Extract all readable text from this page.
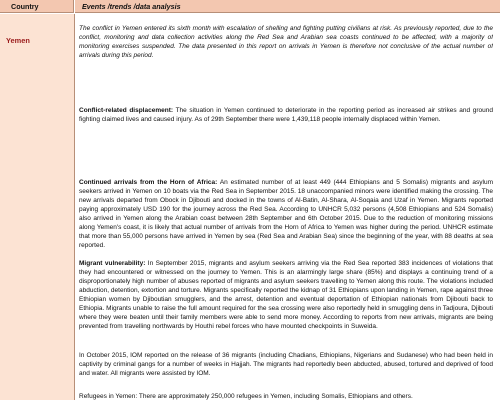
Country	Events /trends /data analysis
Yemen

The conflict in Yemen entered its sixth month with escalation of shelling and fighting putting civilians at risk. As previously reported, due to the conflict, monitoring and data collection activities along the Red Sea and Arabian sea coasts continued to be affected, with a majority of monitoring exercises suspended. The data presented in this report on arrivals in Yemen is therefore not conclusive of the actual number of arrivals during this period.

Conflict-related displacement: The situation in Yemen continued to deteriorate in the reporting period as increased air strikes and ground fighting claimed lives and caused injury. As of 29th September there were 1,439,118 people internally displaced within Yemen.

Continued arrivals from the Horn of Africa: An estimated number of at least 449 (444 Ethiopians and 5 Somalis) migrants and asylum seekers arrived in Yemen on 10 boats via the Red Sea in September 2015. 18 unaccompanied minors were identified making the crossing. The new arrivals departed from Obock in Djibouti and docked in the towns of Al-Batin, Al-Shara, Al-Soqaia and Uzaf in Yemen. Migrants reported paying approximately USD 190 for the journey across the Red Sea. According to UNHCR 5,032 persons (4,508 Ethiopians and 524 Somalis) also arrived in Yemen along the Arabian coast between 28th September and 6th October 2015. Due to the reduction of monitoring missions along Yemen's coast, it is likely that actual number of arrivals from the Horn of Africa to Yemen was higher during the period. UNHCR estimate that more than 55,000 persons have arrived in Yemen by sea (Red Sea and Arabian Sea) since the beginning of the year, with 88 deaths at sea reported.

Migrant vulnerability: In September 2015, migrants and asylum seekers arriving via the Red Sea reported 383 incidences of violations that they had encountered or witnessed on the journey to Yemen. This is an alarmingly large share (85%) and displays a continuing trend of a disproportionately high number of abuses reported of migrants and asylum seekers travelling to Yemen along this route. The violations included abduction, detention, extortion and torture. Migrants specifically reported the kidnap of 31 Ethiopians upon landing in Yemen, rape against three Ethiopian women by Djiboutian smugglers, and the arrest, detention and eventual deportation of Ethiopian nationals from Djibouti back to Ethiopia. Migrants unable to raise the full amount required for the sea crossing were also reportedly held in smuggling dens in Tadjoura, Djibouti where they were beaten until their family members were able to send more money. According to reports from new arrivals, migrants are being prevented from travelling northwards by Houthi rebel forces who have mounted checkpoints in Suweida.

In October 2015, IOM reported on the release of 36 migrants (including Chadians, Ethiopians, Nigerians and Sudanese) who had been held in captivity by criminal gangs for a number of weeks in Hajjah. The migrants had reportedly been abducted, abused, tortured and deprived of food and water. All migrants were assisted by IOM.

Refugees in Yemen: There are approximately 250,000 refugees in Yemen, including Somalis, Ethiopians and others.
